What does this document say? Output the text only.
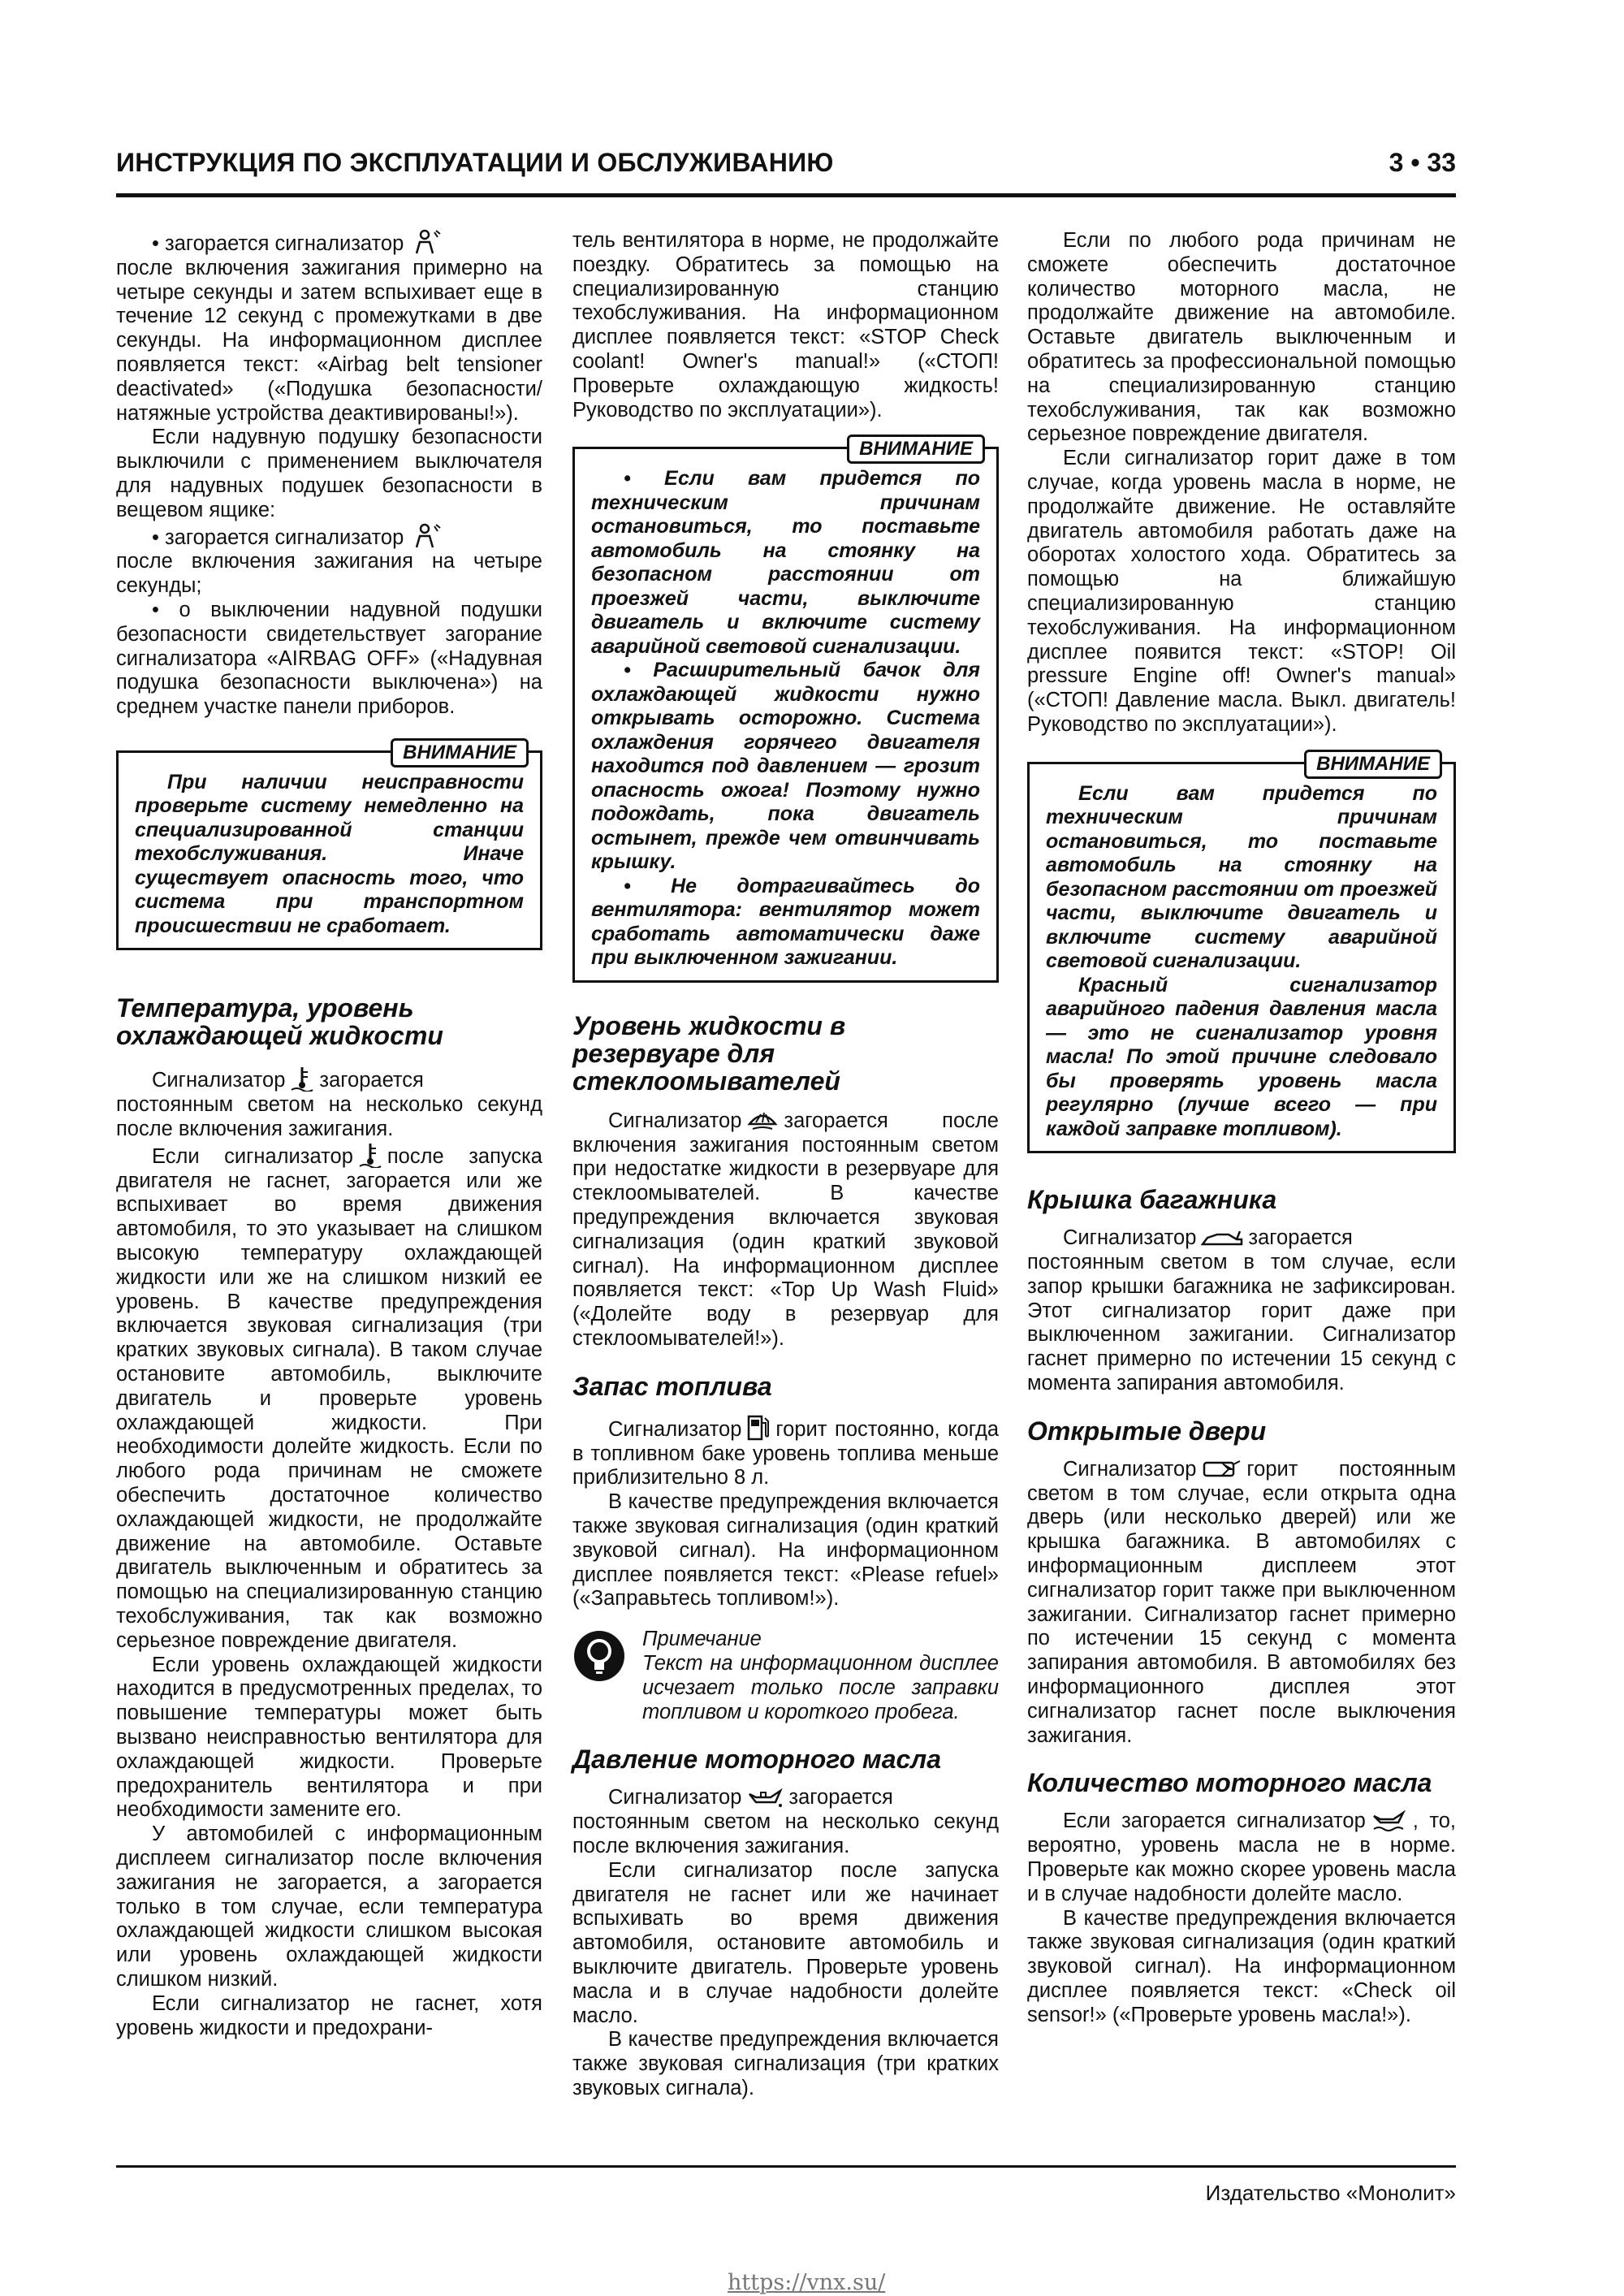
ИНСТРУКЦИЯ ПО ЭКСПЛУАТАЦИИ И ОБСЛУЖИВАНИЮ	3 • 33

• загорается сигнализатор

после включения зажигания примерно на четыре секунды и затем вспыхивает еще в течение 12 секунд с промежутками в две секунды. На информационном дисплее появляется текст: «Airbag belt tensioner deactivated» («Подушка безопасности/натяжные устройства деактивированы!»).

Если надувную подушку безопасности выключили с применением выключателя для надувных подушек безопасности в вещевом ящике:

• загорается сигнализатор

после включения зажигания на четыре секунды;

• о выключении надувной подушки безопасности свидетельствует загорание сигнализатора «AIRBAG OFF» («Надувная подушка безопасности выключена») на среднем участке панели приборов.

ВНИМАНИЕ

При наличии неисправности проверьте систему немедленно на специализированной станции техобслуживания. Иначе существует опасность того, что система при транспортном происшествии не сработает.

Температура, уровень охлаждающей жидкости

Сигнализатор загорается постоянным светом на несколько секунд после включения зажигания.

Если сигнализатор после запуска двигателя не гаснет, загорается или же вспыхивает во время движения автомобиля, то это указывает на слишком высокую температуру охлаждающей жидкости или же на слишком низкий ее уровень. В качестве предупреждения включается звуковая сигнализация (три кратких звуковых сигнала). В таком случае остановите автомобиль, выключите двигатель и проверьте уровень охлаждающей жидкости. При необходимости долейте жидкость. Если по любого рода причинам не сможете обеспечить достаточное количество охлаждающей жидкости, не продолжайте движение на автомобиле. Оставьте двигатель выключенным и обратитесь за помощью на специализированную станцию техобслуживания, так как возможно серьезное повреждение двигателя.

Если уровень охлаждающей жидкости находится в предусмотренных пределах, то повышение температуры может быть вызвано неисправностью вентилятора для охлаждающей жидкости. Проверьте предохранитель вентилятора и при необходимости замените его.

У автомобилей с информационным дисплеем сигнализатор после включения зажигания не загорается, а загорается только в том случае, если температура охлаждающей жидкости слишком высокая или уровень охлаждающей жидкости слишком низкий.

Если сигнализатор не гаснет, хотя уровень жидкости и предохрани-

тель вентилятора в норме, не продолжайте поездку. Обратитесь за помощью на специализированную станцию техобслуживания. На информационном дисплее появляется текст: «STOP Check coolant! Owner's manual!» («СТОП! Проверьте охлаждающую жидкость! Руководство по эксплуатации»).

ВНИМАНИЕ

• Если вам придется по техническим причинам остановиться, то поставьте автомобиль на стоянку на безопасном расстоянии от проезжей части, выключите двигатель и включите систему аварийной световой сигнализации.

• Расширительный бачок для охлаждающей жидкости нужно открывать осторожно. Система охлаждения горячего двигателя находится под давлением — грозит опасность ожога! Поэтому нужно подождать, пока двигатель остынет, прежде чем отвинчивать крышку.

• Не дотрагивайтесь до вентилятора: вентилятор может сработать автоматически даже при выключенном зажигании.

Уровень жидкости в резервуаре для стеклоомывателей

Сигнализатор загорается после включения зажигания постоянным светом при недостатке жидкости в резервуаре для стеклоомывателей. В качестве предупреждения включается звуковая сигнализация (один краткий звуковой сигнал). На информационном дисплее появляется текст: «Top Up Wash Fluid» («Долейте воду в резервуар для стеклоомывателей!»).

Запас топлива

Сигнализатор горит постоянно, когда в топливном баке уровень топлива меньше приблизительно 8 л.

В качестве предупреждения включается также звуковая сигнализация (один краткий звуковой сигнал). На информационном дисплее появляется текст: «Please refuel» («Заправьтесь топливом!»).

Примечание

Текст на информационном дисплее исчезает только после заправки топливом и короткого пробега.

Давление моторного масла

Сигнализатор загорается постоянным светом на несколько секунд после включения зажигания.

Если сигнализатор после запуска двигателя не гаснет или же начинает вспыхивать во время движения автомобиля, остановите автомобиль и выключите двигатель. Проверьте уровень масла и в случае надобности долейте масло.

В качестве предупреждения включается также звуковая сигнализация (три кратких звуковых сигнала).

Если по любого рода причинам не сможете обеспечить достаточное количество моторного масла, не продолжайте движение на автомобиле. Оставьте двигатель выключенным и обратитесь за профессиональной помощью на специализированную станцию техобслуживания, так как возможно серьезное повреждение двигателя.

Если сигнализатор горит даже в том случае, когда уровень масла в норме, не продолжайте движение. Не оставляйте двигатель автомобиля работать даже на оборотах холостого хода. Обратитесь за помощью на ближайшую специализированную станцию техобслуживания. На информационном дисплее появится текст: «STOP! Oil pressure Engine off! Owner's manual» («СТОП! Давление масла. Выкл. двигатель! Руководство по эксплуатации»).

ВНИМАНИЕ

Если вам придется по техническим причинам остановиться, то поставьте автомобиль на стоянку на безопасном расстоянии от проезжей части, выключите двигатель и включите систему аварийной световой сигнализации.

Красный сигнализатор аварийного падения давления масла — это не сигнализатор уровня масла! По этой причине следовало бы проверять уровень масла регулярно (лучше всего — при каждой заправке топливом).

Крышка багажника

Сигнализатор	загорается постоянным светом в том случае, если запор крышки багажника не зафиксирован. Этот сигнализатор горит даже при выключенном зажигании. Сигнализатор гаснет примерно по истечении 15 секунд с момента запирания автомобиля.

Открытые двери

Сигнализатор горит постоянным светом в том случае, если открыта одна дверь (или несколько дверей) или же крышка багажника. В автомобилях с информационным дисплеем этот сигнализатор горит также при выключенном зажигании. Сигнализатор гаснет примерно по истечении 15 секунд с момента запирания автомобиля. В автомобилях без информационного дисплея этот сигнализатор гаснет после выключения зажигания.

Количество моторного масла

Если загорается сигнализатор , то, вероятно, уровень масла не в норме. Проверьте как можно скорее уровень масла и в случае надобности долейте масло.

В качестве предупреждения включается также звуковая сигнализация (один краткий звуковой сигнал). На информационном дисплее появляется текст: «Check oil sensor!» («Проверьте уровень масла!»).

Издательство «Монолит»
https://vnx.su/
